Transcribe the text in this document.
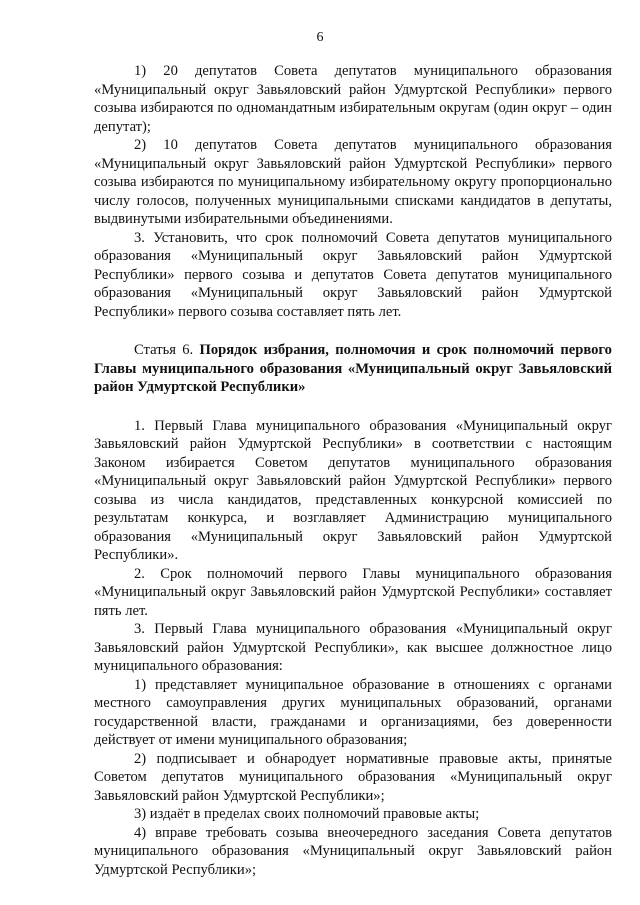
6

1) 20 депутатов Совета депутатов муниципального образования «Муниципальный округ Завьяловский район Удмуртской Республики» первого созыва избираются по одномандатным избирательным округам (один округ – один депутат);

2) 10 депутатов Совета депутатов муниципального образования «Муниципальный округ Завьяловский район Удмуртской Республики» первого созыва избираются по муниципальному избирательному округу пропорционально числу голосов, полученных муниципальными списками кандидатов в депутаты, выдвинутыми избирательными объединениями.

3. Установить, что срок полномочий Совета депутатов муниципального образования «Муниципальный округ Завьяловский район Удмуртской Республики» первого созыва и депутатов Совета депутатов муниципального образования «Муниципальный округ Завьяловский район Удмуртской Республики» первого созыва составляет пять лет.

Статья 6. Порядок избрания, полномочия и срок полномочий первого Главы муниципального образования «Муниципальный округ Завьяловский район Удмуртской Республики»

1. Первый Глава муниципального образования «Муниципальный округ Завьяловский район Удмуртской Республики» в соответствии с настоящим Законом избирается Советом депутатов муниципального образования «Муниципальный округ Завьяловский район Удмуртской Республики» первого созыва из числа кандидатов, представленных конкурсной комиссией по результатам конкурса, и возглавляет Администрацию муниципального образования «Муниципальный округ Завьяловский район Удмуртской Республики».

2. Срок полномочий первого Главы муниципального образования «Муниципальный округ Завьяловский район Удмуртской Республики» составляет пять лет.

3. Первый Глава муниципального образования «Муниципальный округ Завьяловский район Удмуртской Республики», как высшее должностное лицо муниципального образования:

1) представляет муниципальное образование в отношениях с органами местного самоуправления других муниципальных образований, органами государственной власти, гражданами и организациями, без доверенности действует от имени муниципального образования;

2) подписывает и обнародует нормативные правовые акты, принятые Советом депутатов муниципального образования «Муниципальный округ Завьяловский район Удмуртской Республики»;

3) издаёт в пределах своих полномочий правовые акты;

4) вправе требовать созыва внеочередного заседания Совета депутатов муниципального образования «Муниципальный округ Завьяловский район Удмуртской Республики»;
